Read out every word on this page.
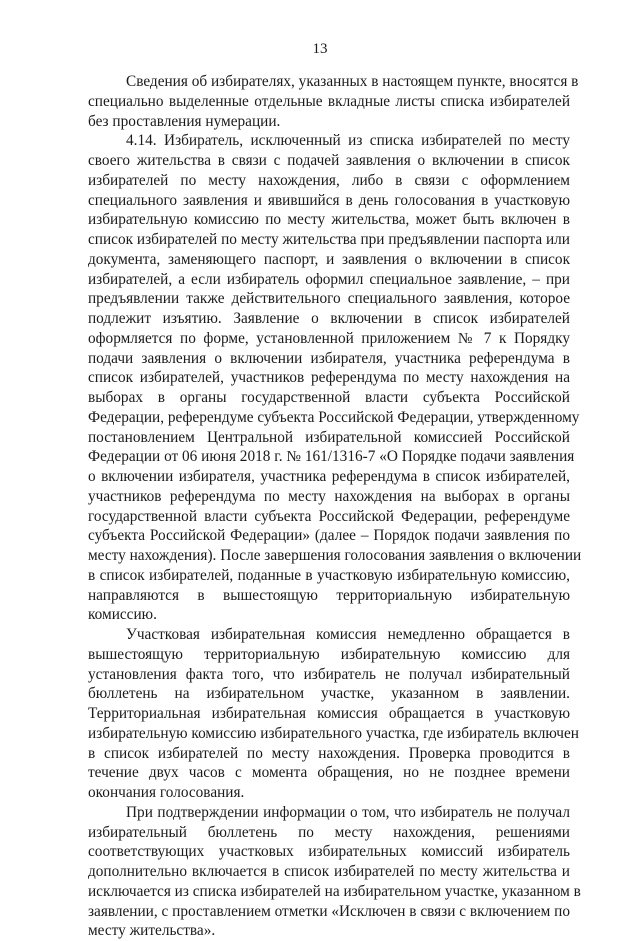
13

Сведения об избирателях, указанных в настоящем пункте, вносятся в
специально выделенные отдельные вкладные листы списка избирателей
без проставления нумерации.

4.14. Избиратель, исключенный из списка избирателей по месту
своего жительства в связи с подачей заявления о включении в список
избирателей по месту нахождения, либо в связи с оформлением
специального заявления и явившийся в день голосования в участковую
избирательную комиссию по месту жительства, может быть включен в
список избирателей по месту жительства при предъявлении паспорта или
документа, заменяющего паспорт, и заявления о включении в список
избирателей, а если избиратель оформил специальное заявление, – при
предъявлении также действительного специального заявления, которое
подлежит изъятию. Заявление о включении в список избирателей
оформляется по форме, установленной приложением № 7 к Порядку
подачи заявления о включении избирателя, участника референдума в
список избирателей, участников референдума по месту нахождения на
выборах в органы государственной власти субъекта Российской
Федерации, референдуме субъекта Российской Федерации, утвержденному
постановлением Центральной избирательной комиссией Российской
Федерации от 06 июня 2018 г. № 161/1316-7 «О Порядке подачи заявления
о включении избирателя, участника референдума в список избирателей,
участников референдума по месту нахождения на выборах в органы
государственной власти субъекта Российской Федерации, референдуме
субъекта Российской Федерации» (далее – Порядок подачи заявления по
месту нахождения). После завершения голосования заявления о включении
в список избирателей, поданные в участковую избирательную комиссию,
направляются в вышестоящую территориальную избирательную
комиссию.

Участковая избирательная комиссия немедленно обращается в
вышестоящую территориальную избирательную комиссию для
установления факта того, что избиратель не получал избирательный
бюллетень на избирательном участке, указанном в заявлении.
Территориальная избирательная комиссия обращается в участковую
избирательную комиссию избирательного участка, где избиратель включен
в список избирателей по месту нахождения. Проверка проводится в
течение двух часов с момента обращения, но не позднее времени
окончания голосования.

При подтверждении информации о том, что избиратель не получал
избирательный бюллетень по месту нахождения, решениями
соответствующих участковых избирательных комиссий избиратель
дополнительно включается в список избирателей по месту жительства и
исключается из списка избирателей на избирательном участке, указанном в
заявлении, с проставлением отметки «Исключен в связи с включением по
месту жительства».
